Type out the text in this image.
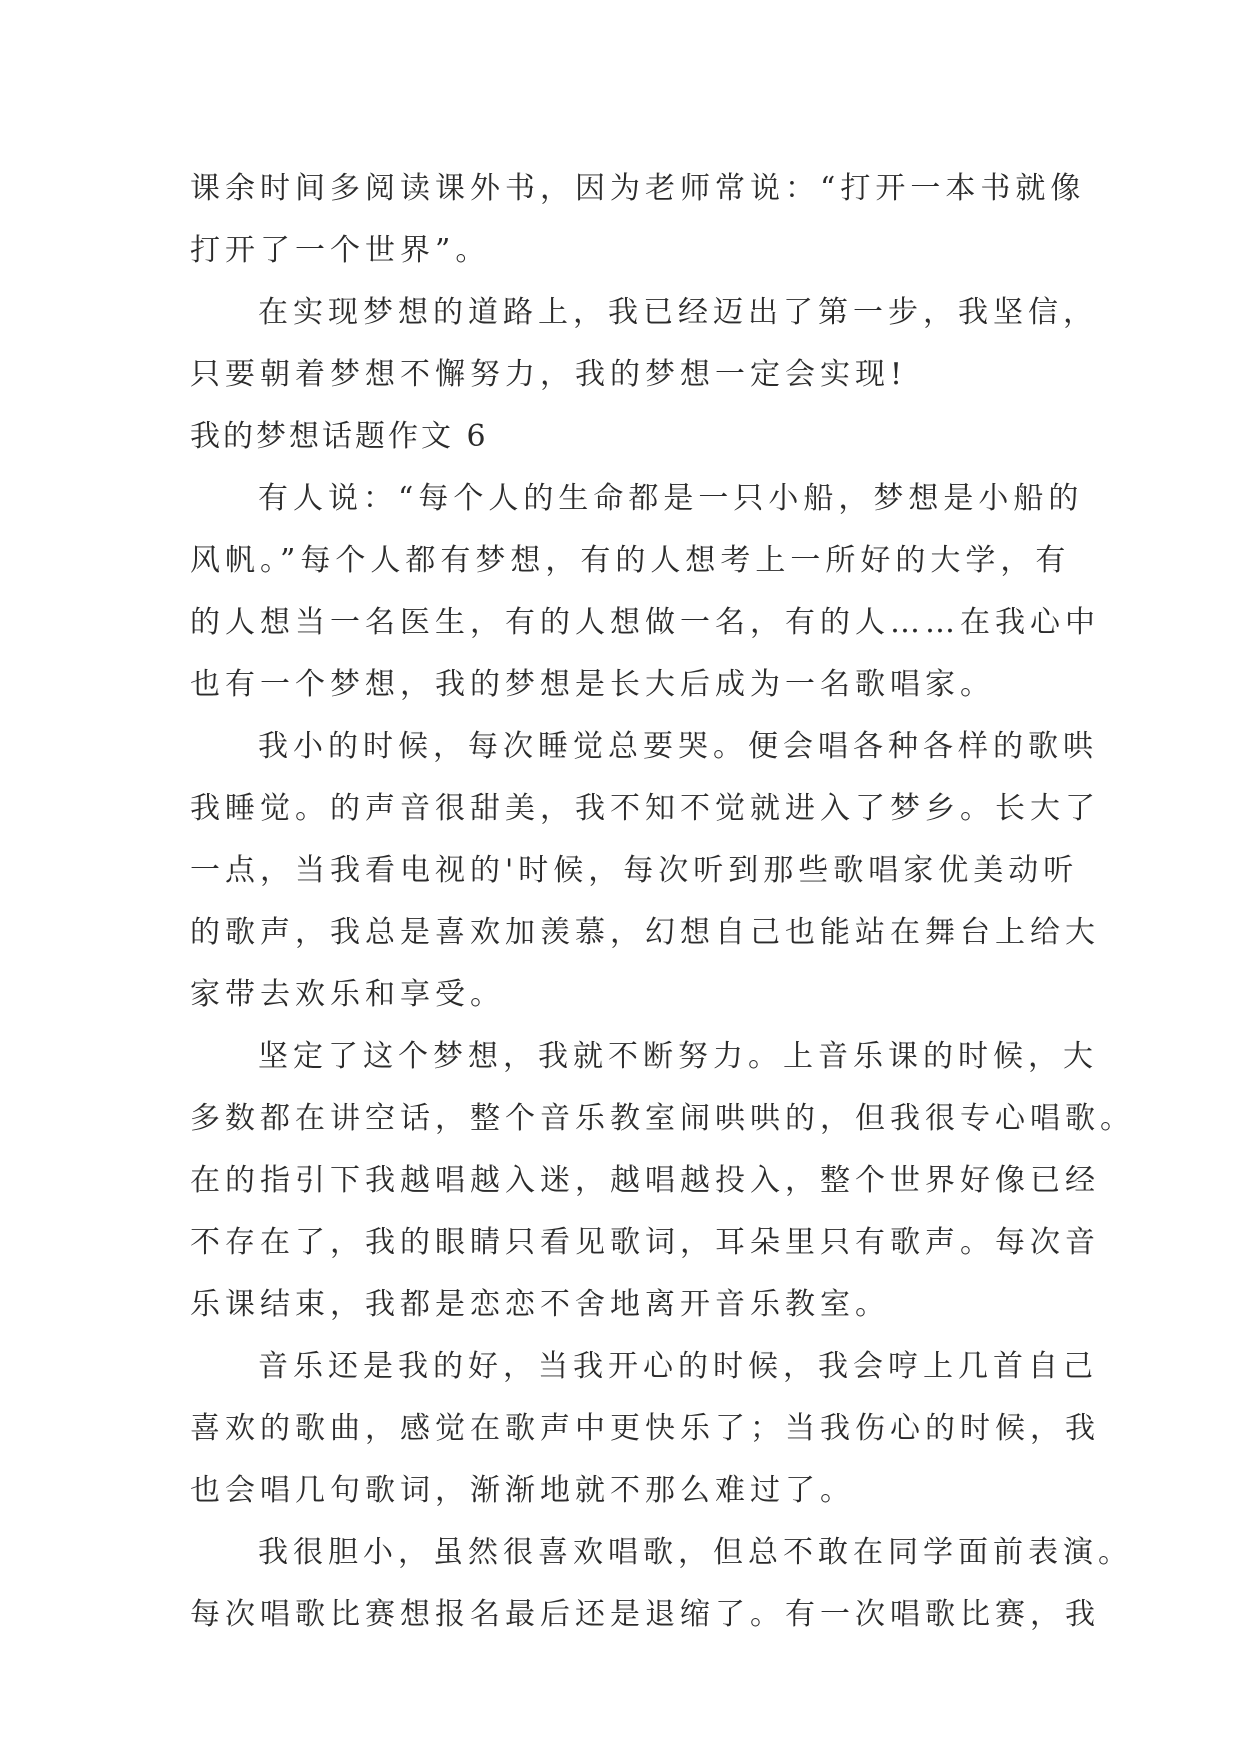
课余时间多阅读课外书，因为老师常说：“打开一本书就像
打开了一个世界”。
在实现梦想的道路上，我已经迈出了第一步，我坚信，
只要朝着梦想不懈努力，我的梦想一定会实现!
我的梦想话题作文 6
有人说：“每个人的生命都是一只小船，梦想是小船的
风帆。”每个人都有梦想，有的人想考上一所好的大学，有
的人想当一名医生，有的人想做一名，有的人……在我心中
也有一个梦想，我的梦想是长大后成为一名歌唱家。
我小的时候，每次睡觉总要哭。便会唱各种各样的歌哄
我睡觉。的声音很甜美，我不知不觉就进入了梦乡。长大了
一点，当我看电视的'时候，每次听到那些歌唱家优美动听
的歌声，我总是喜欢加羡慕，幻想自己也能站在舞台上给大
家带去欢乐和享受。
坚定了这个梦想，我就不断努力。上音乐课的时候，大
多数都在讲空话，整个音乐教室闹哄哄的，但我很专心唱歌。
在的指引下我越唱越入迷，越唱越投入，整个世界好像已经
不存在了，我的眼睛只看见歌词，耳朵里只有歌声。每次音
乐课结束，我都是恋恋不舍地离开音乐教室。
音乐还是我的好，当我开心的时候，我会哼上几首自己
喜欢的歌曲，感觉在歌声中更快乐了；当我伤心的时候，我
也会唱几句歌词，渐渐地就不那么难过了。
我很胆小，虽然很喜欢唱歌，但总不敢在同学面前表演。
每次唱歌比赛想报名最后还是退缩了。有一次唱歌比赛，我
